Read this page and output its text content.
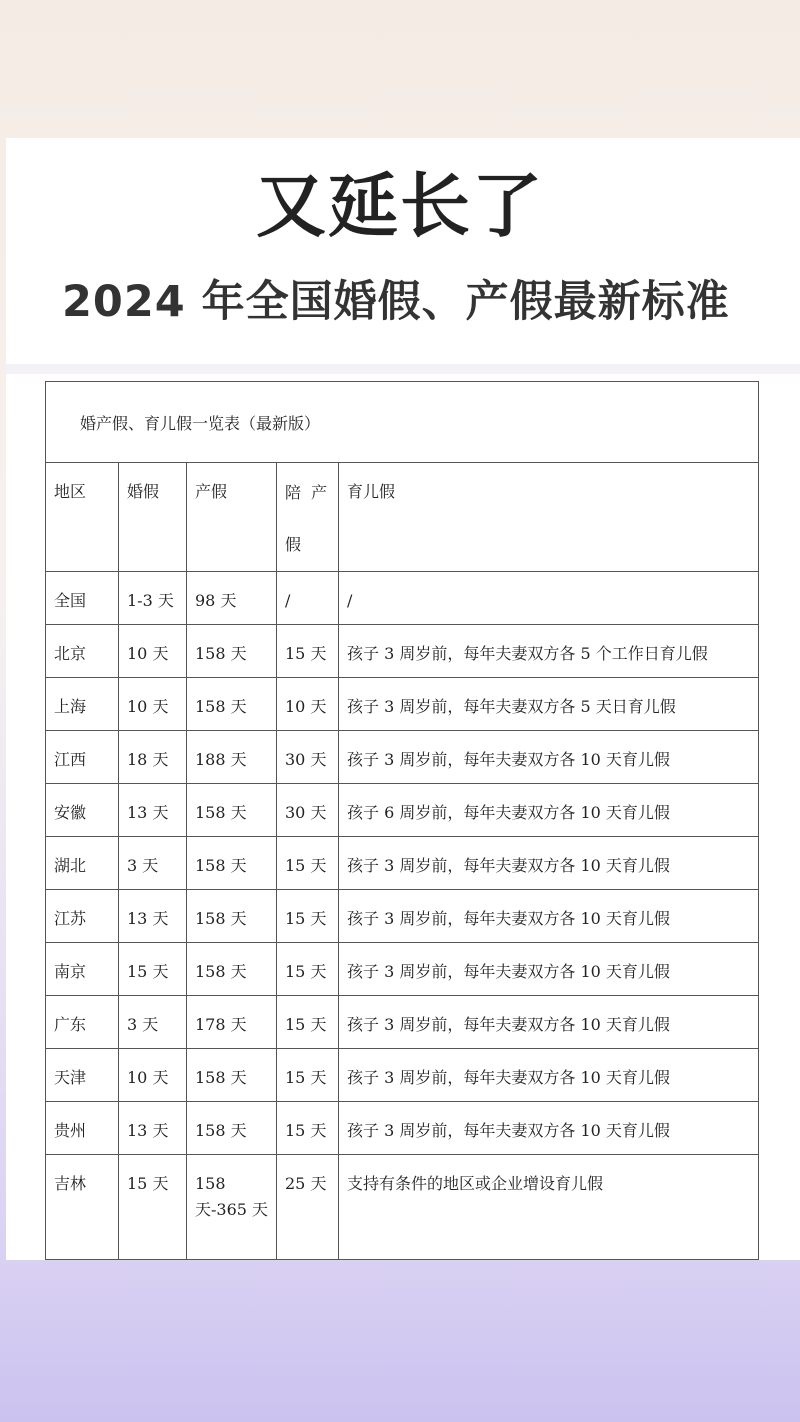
又延长了
2024 年全国婚假、产假最新标准
婚产假、育儿假一览表（最新版）				

地区	婚假	产假	陪产假	育儿假

全国	1-3 天	98 天	/	/

北京	10 天	158 天	15 天	孩子 3 周岁前，每年夫妻双方各 5 个工作日育儿假

上海	10 天	158 天	10 天	孩子 3 周岁前，每年夫妻双方各 5 天日育儿假

江西	18 天	188 天	30 天	孩子 3 周岁前，每年夫妻双方各 10 天育儿假

安徽	13 天	158 天	30 天	孩子 6 周岁前，每年夫妻双方各 10 天育儿假

湖北	3 天	158 天	15 天	孩子 3 周岁前，每年夫妻双方各 10 天育儿假

江苏	13 天	158 天	15 天	孩子 3 周岁前，每年夫妻双方各 10 天育儿假

南京	15 天	158 天	15 天	孩子 3 周岁前，每年夫妻双方各 10 天育儿假

广东	3 天	178 天	15 天	孩子 3 周岁前，每年夫妻双方各 10 天育儿假

天津	10 天	158 天	15 天	孩子 3 周岁前，每年夫妻双方各 10 天育儿假

贵州	13 天	158 天	15 天	孩子 3 周岁前，每年夫妻双方各 10 天育儿假

吉林	15 天	158 天-365 天	25 天	支持有条件的地区或企业增设育儿假
